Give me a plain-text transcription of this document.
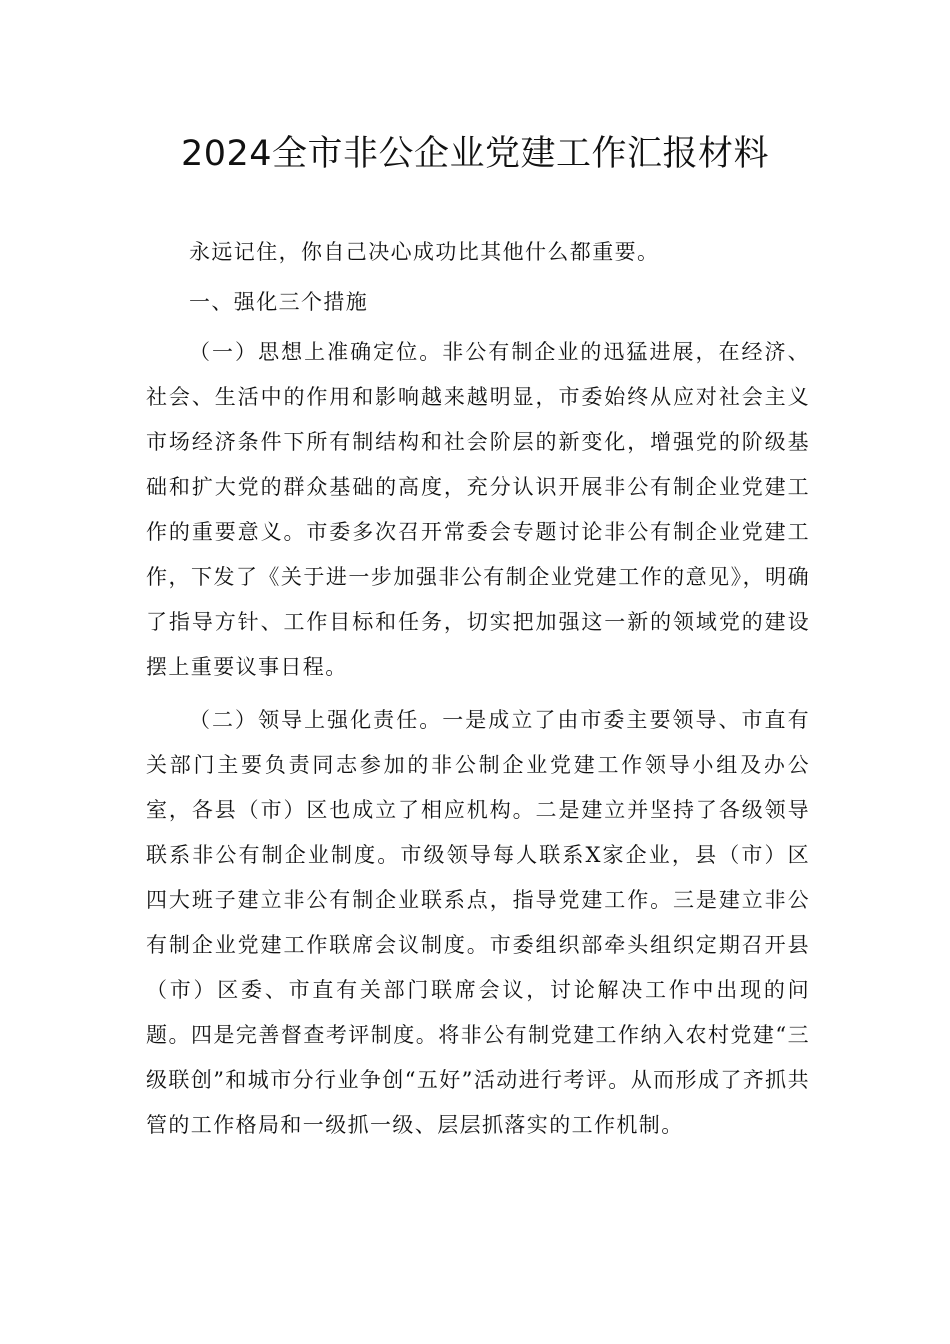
2024全市非公企业党建工作汇报材料

永远记住，你自己决心成功比其他什么都重要。

一、强化三个措施

（一）思想上准确定位。非公有制企业的迅猛进展，在经济、社会、生活中的作用和影响越来越明显，市委始终从应对社会主义市场经济条件下所有制结构和社会阶层的新变化，增强党的阶级基础和扩大党的群众基础的高度，充分认识开展非公有制企业党建工作的重要意义。市委多次召开常委会专题讨论非公有制企业党建工作，下发了《关于进一步加强非公有制企业党建工作的意见》，明确了指导方针、工作目标和任务，切实把加强这一新的领域党的建设摆上重要议事日程。

（二）领导上强化责任。一是成立了由市委主要领导、市直有关部门主要负责同志参加的非公制企业党建工作领导小组及办公室，各县（市）区也成立了相应机构。二是建立并坚持了各级领导联系非公有制企业制度。市级领导每人联系X家企业，县（市）区四大班子建立非公有制企业联系点，指导党建工作。三是建立非公有制企业党建工作联席会议制度。市委组织部牵头组织定期召开县（市）区委、市直有关部门联席会议，讨论解决工作中出现的问题。四是完善督查考评制度。将非公有制党建工作纳入农村党建“三级联创”和城市分行业争创“五好”活动进行考评。从而形成了齐抓共管的工作格局和一级抓一级、层层抓落实的工作机制。
